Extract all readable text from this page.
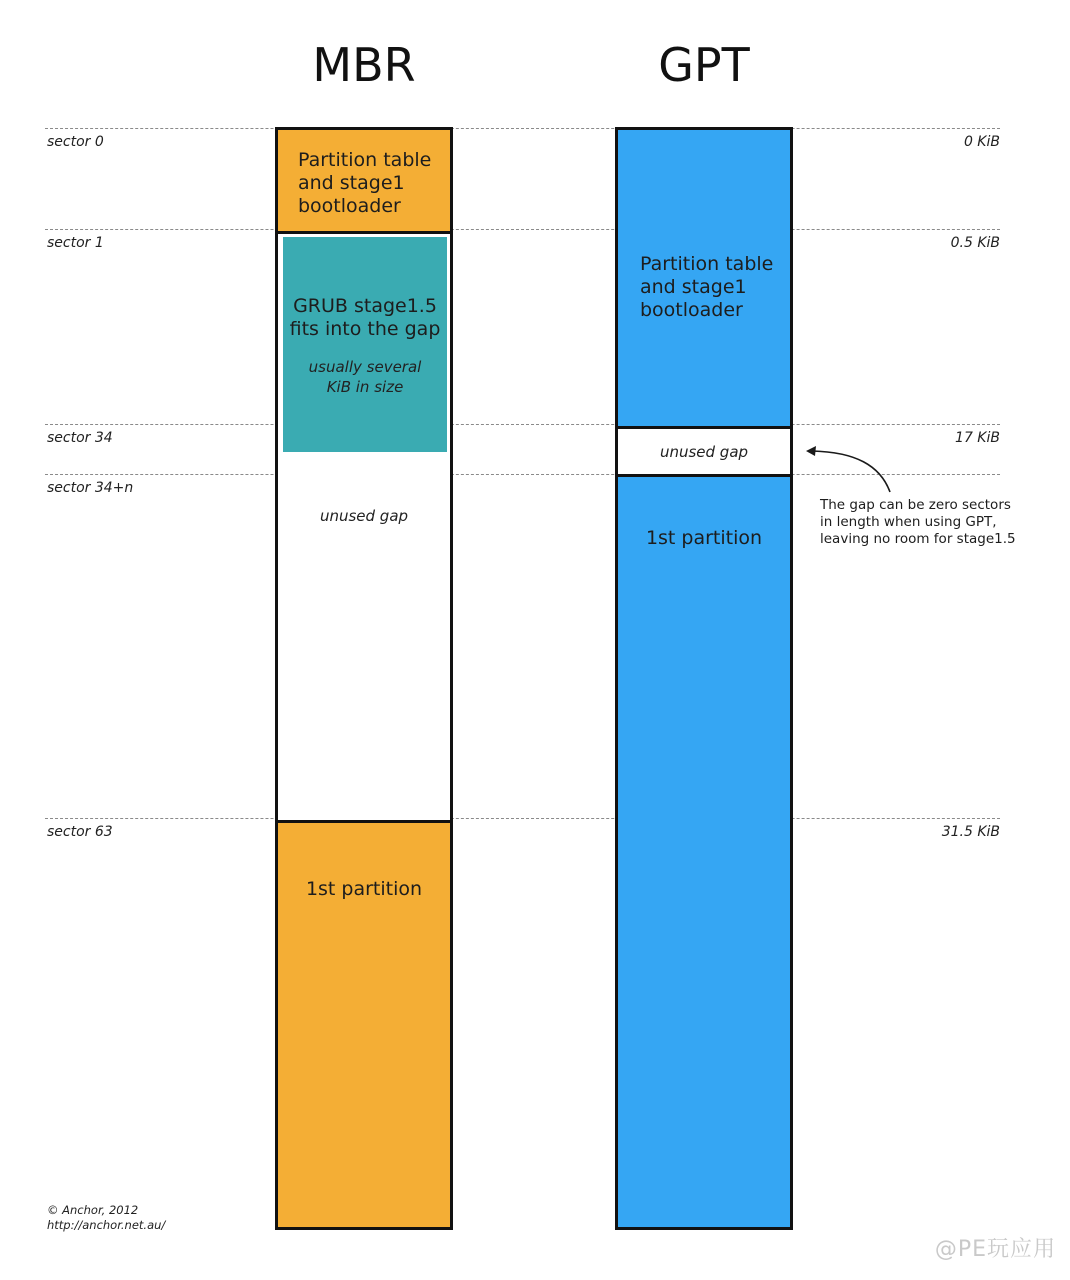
MBR	GPT
sector 0
sector 1
sector 34
sector 34+n
sector 63
0 KiB
0.5 KiB
17 KiB
31.5 KiB
Partition table
and stage1
bootloader
GRUB stage1.5
fits into the gap
usually several
KiB in size
unused gap
1st partition
Partition table
and stage1
bootloader
unused gap
1st partition
The gap can be zero sectors
in length when using GPT,
leaving no room for stage1.5
© Anchor, 2012
http://anchor.net.au/
@PE玩应用
